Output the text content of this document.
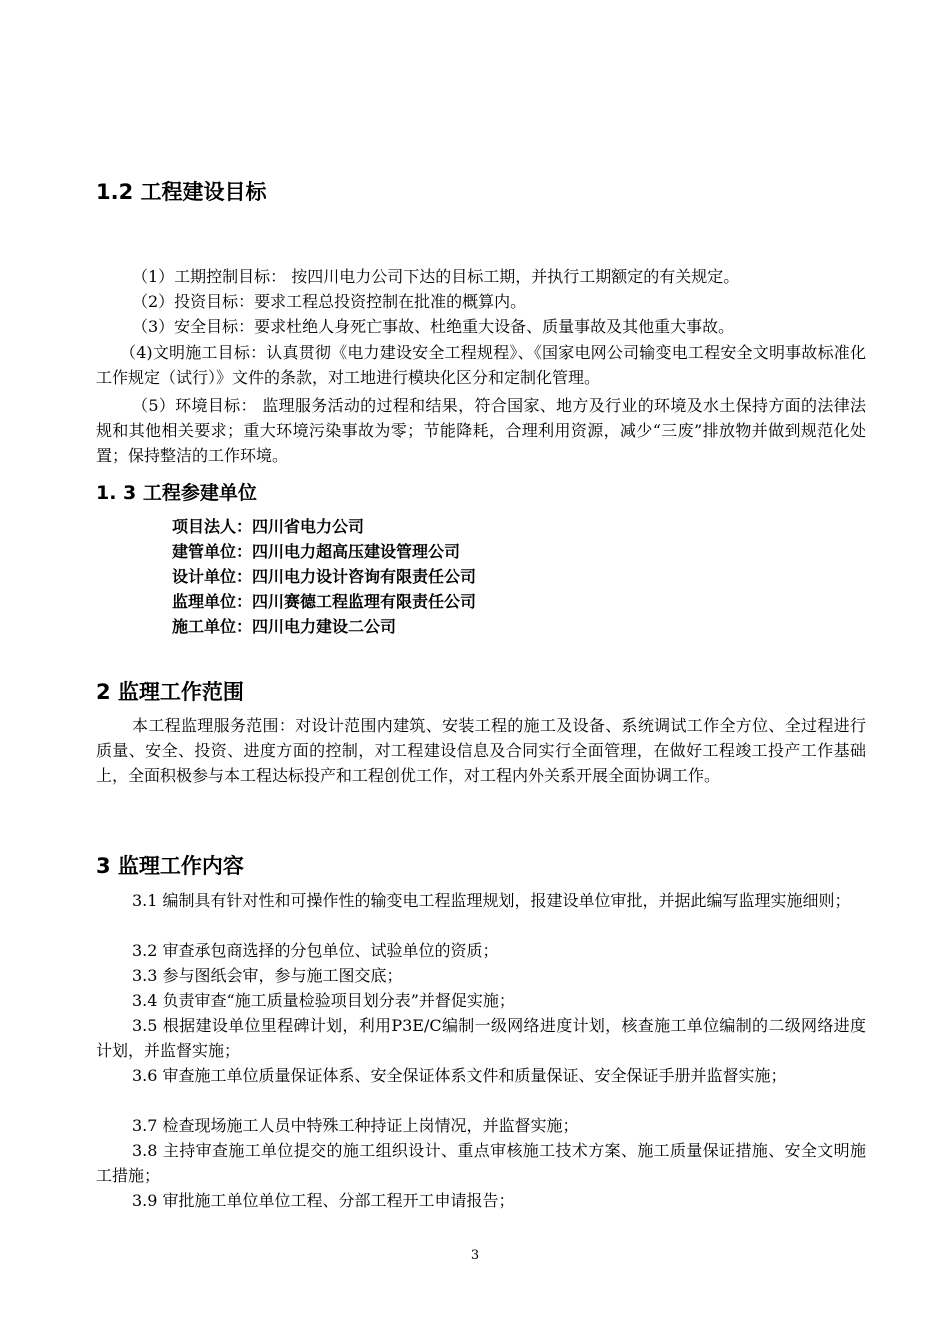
1.2 工程建设目标

（1）工期控制目标： 按四川电力公司下达的目标工期，并执行工期额定的有关规定。

（2）投资目标：要求工程总投资控制在批准的概算内。

（3）安全目标：要求杜绝人身死亡事故、杜绝重大设备、质量事故及其他重大事故。

（4)文明施工目标：认真贯彻《电力建设安全工程规程》、《国家电网公司输变电工程安全文明事故标准化工作规定（试行）》文件的条款，对工地进行模块化区分和定制化管理。

（5）环境目标： 监理服务活动的过程和结果，符合国家、地方及行业的环境及水土保持方面的法律法规和其他相关要求；重大环境污染事故为零；节能降耗，合理利用资源，减少“三废”排放物并做到规范化处置；保持整洁的工作环境。

1. 3 工程参建单位
项目法人：四川省电力公司
建管单位：四川电力超高压建设管理公司
设计单位：四川电力设计咨询有限责任公司
监理单位：四川赛德工程监理有限责任公司
施工单位：四川电力建设二公司
2 监理工作范围

本工程监理服务范围：对设计范围内建筑、安装工程的施工及设备、系统调试工作全方位、全过程进行质量、安全、投资、进度方面的控制，对工程建设信息及合同实行全面管理，在做好工程竣工投产工作基础上，全面积极参与本工程达标投产和工程创优工作，对工程内外关系开展全面协调工作。

3 监理工作内容

3.1 编制具有针对性和可操作性的输变电工程监理规划，报建设单位审批，并据此编写监理实施细则；

3.2 审查承包商选择的分包单位、试验单位的资质；

3.3 参与图纸会审，参与施工图交底；

3.4 负责审查“施工质量检验项目划分表”并督促实施；

3.5 根据建设单位里程碑计划，利用P3E/C编制一级网络进度计划，核查施工单位编制的二级网络进度计划，并监督实施；

3.6 审查施工单位质量保证体系、安全保证体系文件和质量保证、安全保证手册并监督实施；

3.7 检查现场施工人员中特殊工种持证上岗情况，并监督实施；

3.8 主持审查施工单位提交的施工组织设计、重点审核施工技术方案、施工质量保证措施、安全文明施工措施；

3.9 审批施工单位单位工程、分部工程开工申请报告；

3
